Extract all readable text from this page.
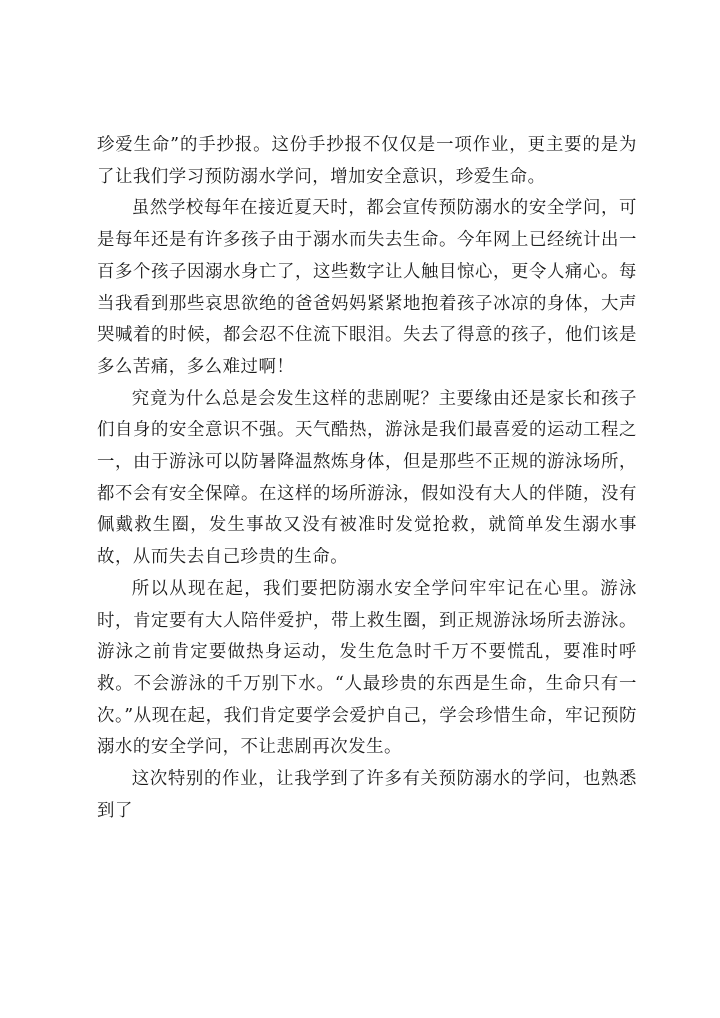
珍爱生命”的手抄报。这份手抄报不仅仅是一项作业，更主要的是为了让我们学习预防溺水学问，增加安全意识，珍爱生命。

虽然学校每年在接近夏天时，都会宣传预防溺水的安全学问，可是每年还是有许多孩子由于溺水而失去生命。今年网上已经统计出一百多个孩子因溺水身亡了，这些数字让人触目惊心，更令人痛心。每当我看到那些哀思欲绝的爸爸妈妈紧紧地抱着孩子冰凉的身体，大声哭喊着的时候，都会忍不住流下眼泪。失去了得意的孩子，他们该是多么苦痛，多么难过啊！

究竟为什么总是会发生这样的悲剧呢？主要缘由还是家长和孩子们自身的安全意识不强。天气酷热，游泳是我们最喜爱的运动工程之一，由于游泳可以防暑降温熬炼身体，但是那些不正规的游泳场所，都不会有安全保障。在这样的场所游泳，假如没有大人的伴随，没有佩戴救生圈，发生事故又没有被准时发觉抢救，就简单发生溺水事故，从而失去自己珍贵的生命。

所以从现在起，我们要把防溺水安全学问牢牢记在心里。游泳时，肯定要有大人陪伴爱护，带上救生圈，到正规游泳场所去游泳。游泳之前肯定要做热身运动，发生危急时千万不要慌乱，要准时呼救。不会游泳的千万别下水。“人最珍贵的东西是生命，生命只有一次。”从现在起，我们肯定要学会爱护自己，学会珍惜生命，牢记预防溺水的安全学问，不让悲剧再次发生。

这次特别的作业，让我学到了许多有关预防溺水的学问，也熟悉到了
